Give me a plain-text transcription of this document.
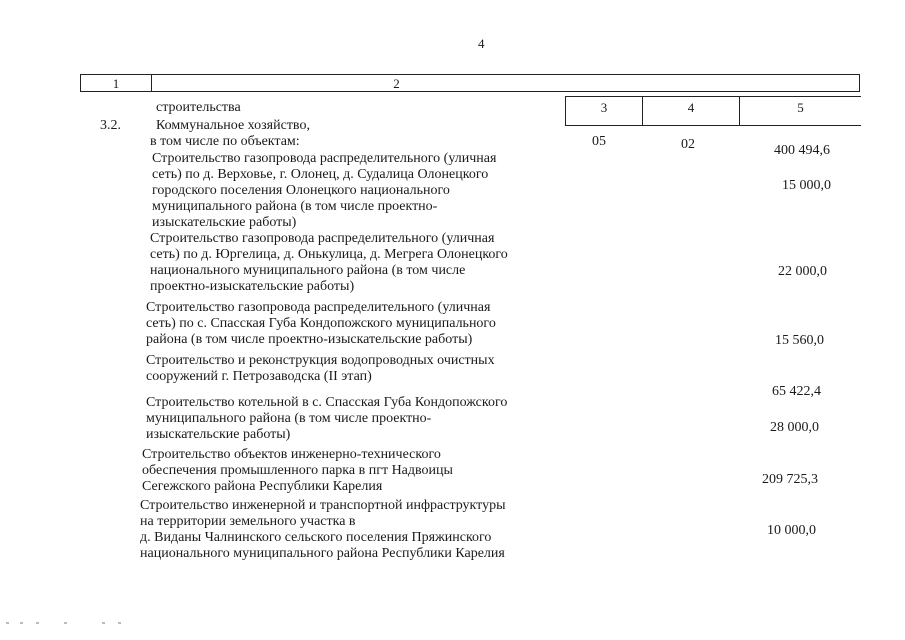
4
1	2
3	4	5
строительства
3.2.	Коммунальное хозяйство,
в том числе по объектам:	05	02	400 494,6
Строительство газопровода распределительного (уличная
сеть) по д. Верховье, г. Олонец, д. Судалица Олонецкого
городского поселения Олонецкого национального
муниципального района (в том числе проектно-
изыскательские работы)
15 000,0
Строительство газопровода распределительного (уличная
сеть) по д. Юргелица, д. Онькулица, д. Мегрега Олонецкого
национального муниципального района (в том числе
проектно-изыскательские работы)
22 000,0
Строительство газопровода распределительного (уличная
сеть) по с. Спасская Губа Кондопожского муниципального
района (в том числе проектно-изыскательские работы)	15 560,0
Строительство и реконструкция водопроводных очистных
сооружений г. Петрозаводска (II этап)
65 422,4
Строительство котельной в с. Спасская Губа Кондопожского
муниципального района (в том числе проектно-
изыскательские работы)	28 000,0
Строительство объектов инженерно-технического
обеспечения промышленного парка в пгт Надвоицы
Сегежского района Республики Карелия	209 725,3
Строительство инженерной и транспортной инфраструктуры
на территории земельного участка в
д. Виданы Чалнинского сельского поселения Пряжинского
национального муниципального района Республики Карелия
10 000,0
